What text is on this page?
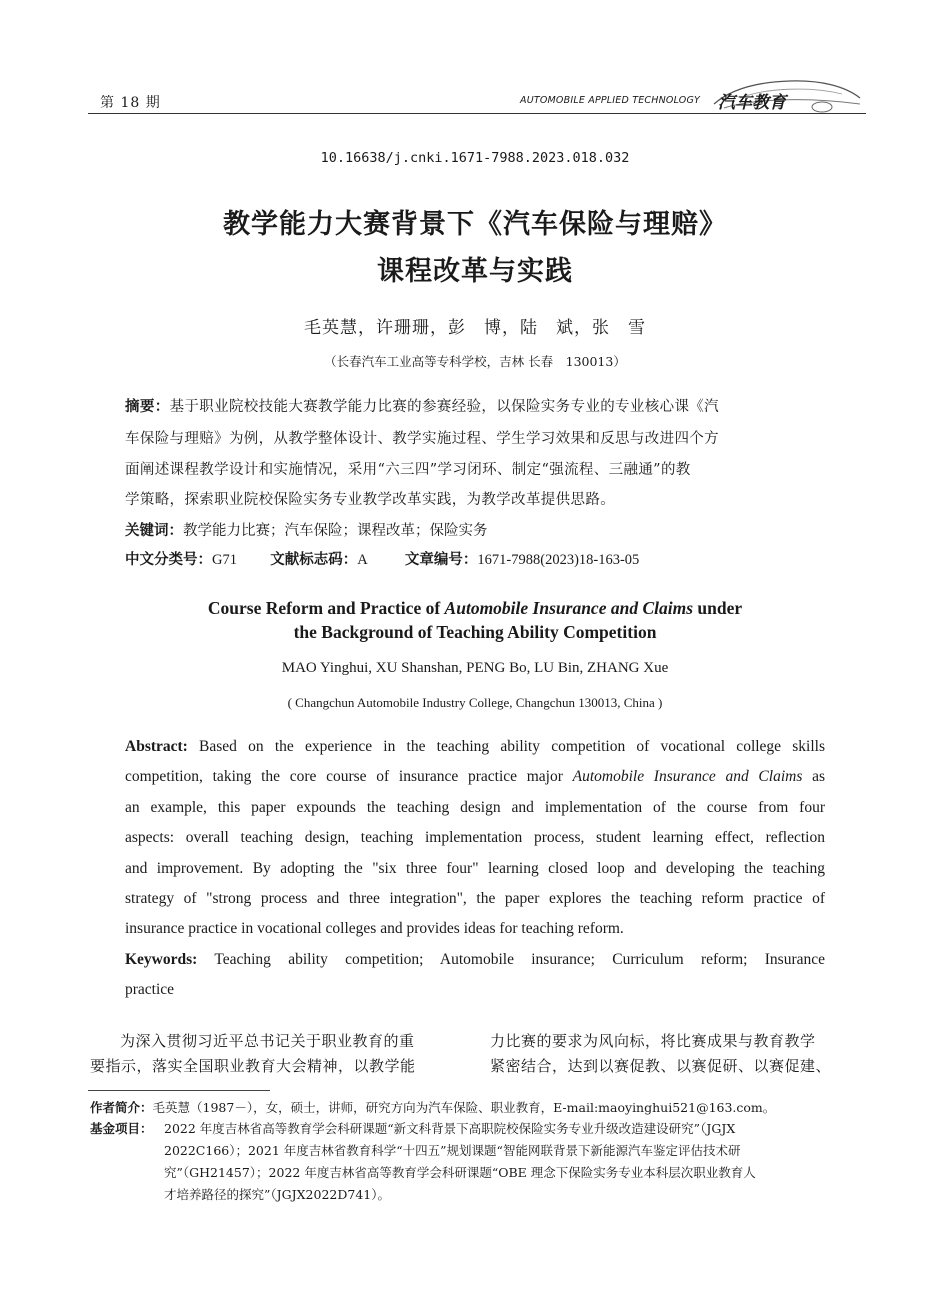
第 18 期	AUTOMOBILE APPLIED TECHNOLOGY 汽车教育
10.16638/j.cnki.1671-7988.2023.018.032
教学能力大赛背景下《汽车保险与理赔》
课程改革与实践
毛英慧，许珊珊，彭　博，陆　斌，张　雪
（长春汽车工业高等专科学校，吉林 长春　130013）
摘要：基于职业院校技能大赛教学能力比赛的参赛经验，以保险实务专业的专业核心课《汽
车保险与理赔》为例，从教学整体设计、教学实施过程、学生学习效果和反思与改进四个方
面阐述课程教学设计和实施情况，采用“六三四”学习闭环、制定“强流程、三融通”的教
学策略，探索职业院校保险实务专业教学改革实践，为教学改革提供思路。
关键词：教学能力比赛；汽车保险；课程改革；保险实务
中文分类号：G71 文献标志码：A	文章编号：1671-7988(2023)18-163-05
Course Reform and Practice of Automobile Insurance and Claims under
the Background of Teaching Ability Competition
MAO Yinghui, XU Shanshan, PENG Bo, LU Bin, ZHANG Xue
( Changchun Automobile Industry College, Changchun 130013, China )
Abstract: Based on the experience in the teaching ability competition of vocational college skills
competition, taking the core course of insurance practice major Automobile Insurance and Claims as
an example, this paper expounds the teaching design and implementation of the course from four
aspects: overall teaching design, teaching implementation process, student learning effect, reflection
and improvement. By adopting the "six three four" learning closed loop and developing the teaching
strategy of "strong process and three integration", the paper explores the teaching reform practice of
insurance practice in vocational colleges and provides ideas for teaching reform.
Keywords: Teaching ability competition; Automobile insurance; Curriculum reform; Insurance
practice
为深入贯彻习近平总书记关于职业教育的重
要指示，落实全国职业教育大会精神，以教学能
力比赛的要求为风向标，将比赛成果与教育教学
紧密结合，达到以赛促教、以赛促研、以赛促建、
作者简介：毛英慧（1987－），女，硕士，讲师，研究方向为汽车保险、职业教育，E-mail:maoyinghui521@163.com。
基金项目： 2022 年度吉林省高等教育学会科研课题“新文科背景下高职院校保险实务专业升级改造建设研究”（JGJX
2022C166）；2021 年度吉林省教育科学“十四五”规划课题“智能网联背景下新能源汽车鉴定评估技术研
究”（GH21457）；2022 年度吉林省高等教育学会科研课题“OBE 理念下保险实务专业本科层次职业教育人
才培养路径的探究”（JGJX2022D741）。
